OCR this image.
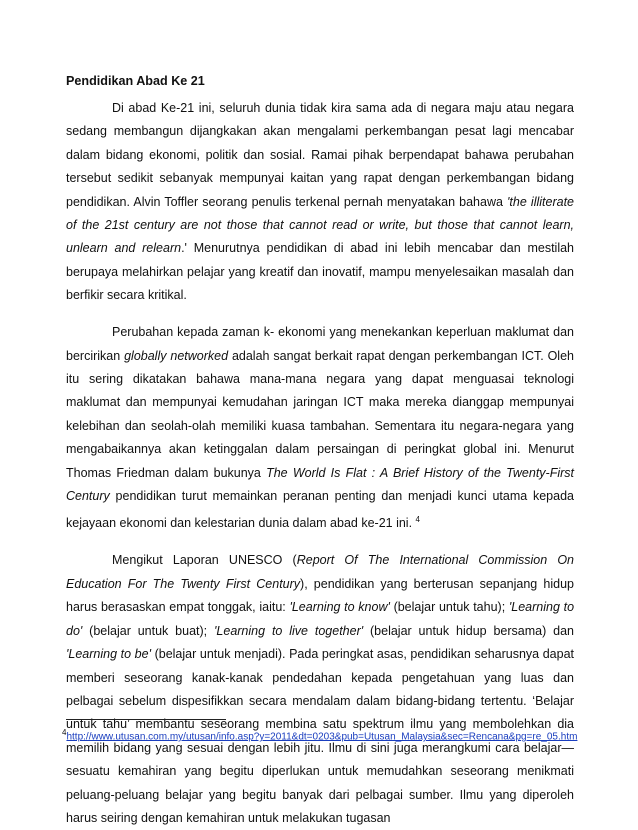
Pendidikan Abad Ke 21

Di abad Ke-21 ini, seluruh dunia tidak kira sama ada di negara maju atau negara sedang membangun dijangkakan akan mengalami perkembangan pesat lagi mencabar dalam bidang ekonomi, politik dan sosial. Ramai pihak berpendapat bahawa perubahan tersebut sedikit sebanyak mempunyai kaitan yang rapat dengan perkembangan bidang pendidikan. Alvin Toffler seorang penulis terkenal pernah menyatakan bahawa 'the illiterate of the 21st century are not those that cannot read or write, but those that cannot learn, unlearn and relearn.' Menurutnya pendidikan di abad ini lebih mencabar dan mestilah berupaya melahirkan pelajar yang kreatif dan inovatif, mampu menyelesaikan masalah dan berfikir secara kritikal.

Perubahan kepada zaman k- ekonomi yang menekankan keperluan maklumat dan bercirikan globally networked adalah sangat berkait rapat dengan perkembangan ICT. Oleh itu sering dikatakan bahawa mana-mana negara yang dapat menguasai teknologi maklumat dan mempunyai kemudahan jaringan ICT maka mereka dianggap mempunyai kelebihan dan seolah-olah memiliki kuasa tambahan. Sementara itu negara-negara yang mengabaikannya akan ketinggalan dalam persaingan di peringkat global ini. Menurut Thomas Friedman dalam bukunya The World Is Flat : A Brief History of the Twenty-First Century pendidikan turut memainkan peranan penting dan menjadi kunci utama kepada kejayaan ekonomi dan kelestarian dunia dalam abad ke-21 ini. $^4$

Mengikut Laporan UNESCO (Report Of The International Commission On Education For The Twenty First Century), pendidikan yang berterusan sepanjang hidup harus berasaskan empat tonggak, iaitu: 'Learning to know' (belajar untuk tahu); 'Learning to do' (belajar untuk buat); 'Learning to live together' (belajar untuk hidup bersama) dan 'Learning to be' (belajar untuk menjadi). Pada peringkat asas, pendidikan seharusnya dapat memberi seseorang kanak-kanak pendedahan kepada pengetahuan yang luas dan pelbagai sebelum dispesifikkan secara mendalam dalam bidang-bidang tertentu. ‘Belajar untuk tahu’ membantu seseorang membina satu spektrum ilmu yang membolehkan dia memilih bidang yang sesuai dengan lebih jitu. Ilmu di sini juga merangkumi cara belajar—sesuatu kemahiran yang begitu diperlukan untuk memudahkan seseorang menikmati peluang-peluang belajar yang begitu banyak dari pelbagai sumber. Ilmu yang diperoleh harus seiring dengan kemahiran untuk melakukan tugasan

$^4$http://www.utusan.com.my/utusan/info.asp?y=2011&dt=0203&pub=Utusan_Malaysia&sec=Rencana&pg=re_05.htm
